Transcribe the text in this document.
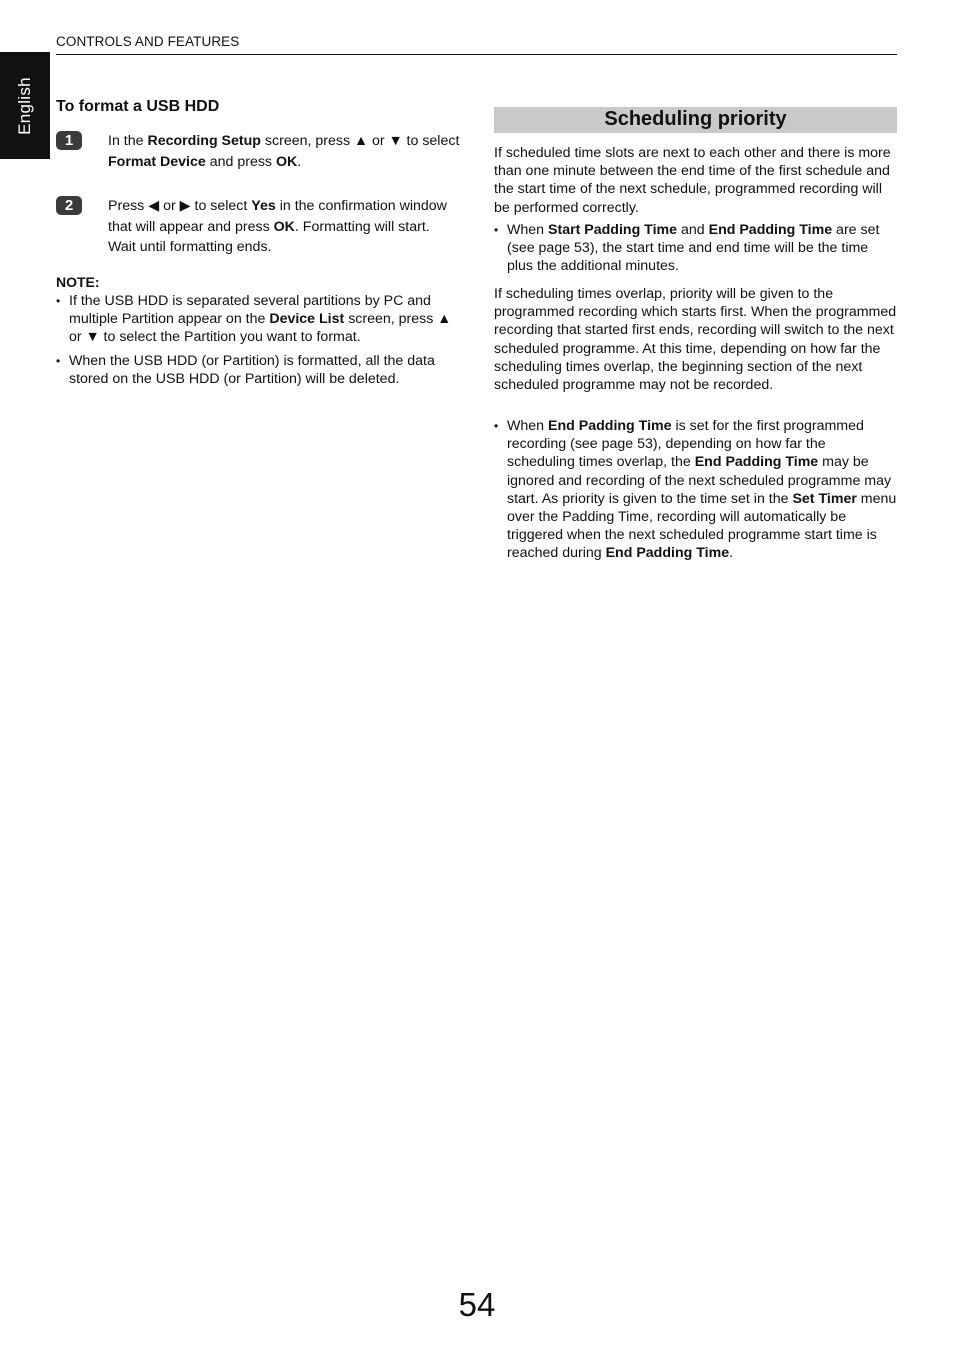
English
CONTROLS AND FEATURES
To format a USB HDD
1	In the Recording Setup screen, press ▲ or ▼ to select
Format Device and press OK.
2	Press ◀ or ▶ to select Yes in the confirmation window that will appear and press OK. Formatting will start. Wait until formatting ends.
NOTE:
• If the USB HDD is separated several partitions by PC and multiple Partition appear on the Device List screen, press ▲ or ▼ to select the Partition you want to format.
• When the USB HDD (or Partition) is formatted, all the data stored on the USB HDD (or Partition) will be deleted.
Scheduling priority
If scheduled time slots are next to each other and there is more than one minute between the end time of the first schedule and the start time of the next schedule, programmed recording will be performed correctly.
• When Start Padding Time and End Padding Time are set (see page 53), the start time and end time will be the time plus the additional minutes.
If scheduling times overlap, priority will be given to the programmed recording which starts first. When the programmed recording that started first ends, recording will switch to the next scheduled programme. At this time, depending on how far the scheduling times overlap, the beginning section of the next scheduled programme may not be recorded.
• When End Padding Time is set for the first programmed recording (see page 53), depending on how far the scheduling times overlap, the End Padding Time may be ignored and recording of the next scheduled programme may start. As priority is given to the time set in the Set Timer menu over the Padding Time, recording will automatically be triggered when the next scheduled programme start time is reached during End Padding Time.
54
